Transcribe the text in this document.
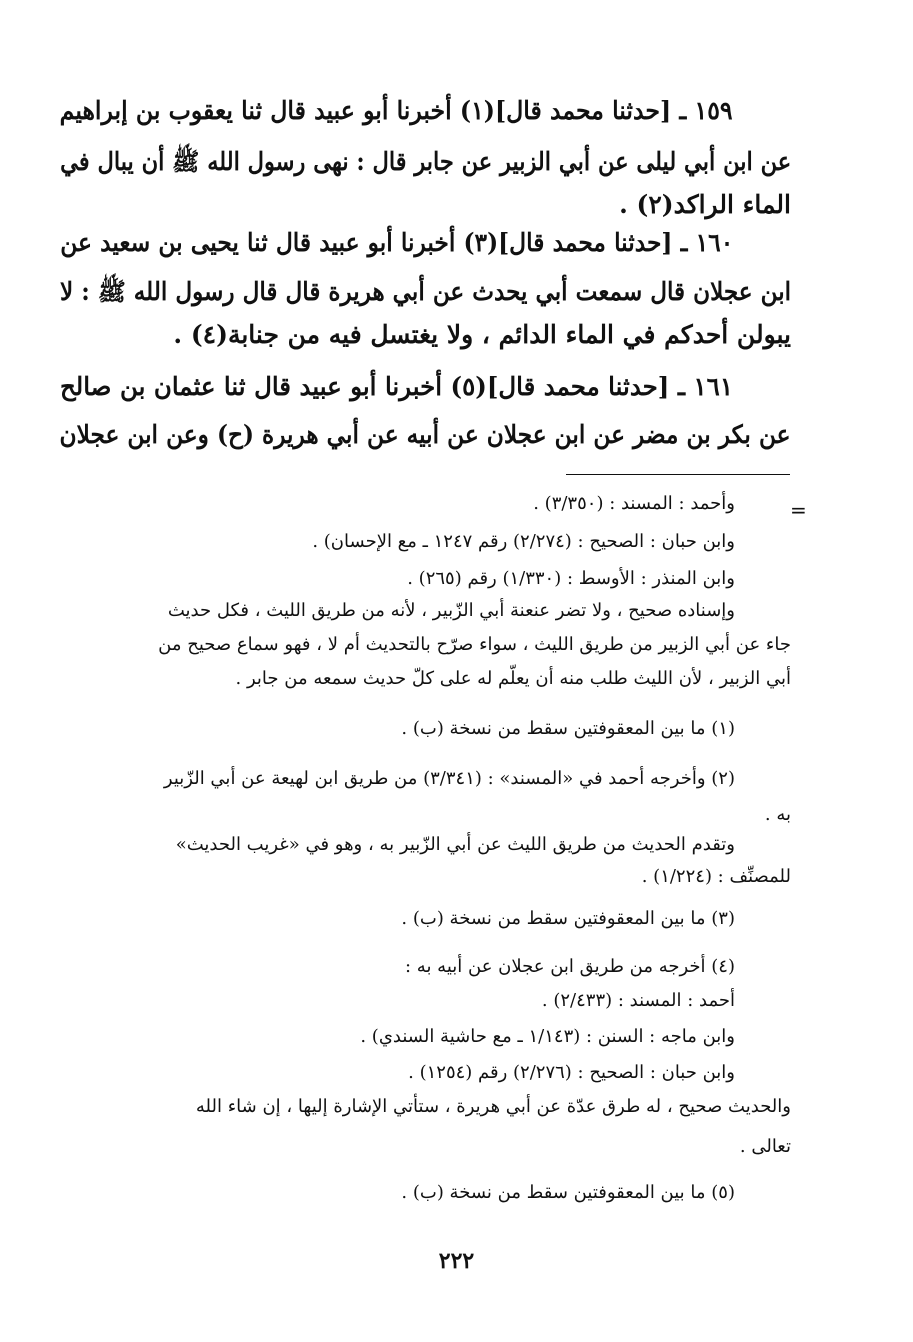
١٥٩ ـ [حدثنا محمد قال](١) أخبرنا أبو عبيد قال ثنا يعقوب بن إبراهيم
عن ابن أبي ليلى عن أبي الزبير عن جابر قال : نهى رسول الله ﷺ أن يبال في
الماء الراكد(٢) .
١٦٠ ـ [حدثنا محمد قال](٣) أخبرنا أبو عبيد قال ثنا يحيى بن سعيد عن
ابن عجلان قال سمعت أبي يحدث عن أبي هريرة قال قال رسول الله ﷺ : لا
يبولن أحدكم في الماء الدائم ، ولا يغتسل فيه من جنابة(٤) .
١٦١ ـ [حدثنا محمد قال](٥) أخبرنا أبو عبيد قال ثنا عثمان بن صالح
عن بكر بن مضر عن ابن عجلان عن أبيه عن أبي هريرة (ح) وعن ابن عجلان
=
وأحمد : المسند : (٣/٣٥٠) .
وابن حبان : الصحيح : (٢/٢٧٤) رقم ١٢٤٧ ـ مع الإحسان) .
وابن المنذر : الأوسط : (١/٣٣٠) رقم (٢٦٥) .
وإسناده صحيح ، ولا تضر عنعنة أبي الزّبير ، لأنه من طريق الليث ، فكل حديث
جاء عن أبي الزبير من طريق الليث ، سواء صرّح بالتحديث أم لا ، فهو سماع صحيح من
أبي الزبير ، لأن الليث طلب منه أن يعلّم له على كلّ حديث سمعه من جابر .
(١) ما بين المعقوفتين سقط من نسخة (ب) .
(٢) وأخرجه أحمد في «المسند» : (٣/٣٤١) من طريق ابن لهيعة عن أبي الزّبير
به .
وتقدم الحديث من طريق الليث عن أبي الزّبير به ، وهو في «غريب الحديث»
للمصنِّف : (١/٢٢٤) .
(٣) ما بين المعقوفتين سقط من نسخة (ب) .
(٤) أخرجه من طريق ابن عجلان عن أبيه به :
أحمد : المسند : (٢/٤٣٣) .
وابن ماجه : السنن : (١/١٤٣ ـ مع حاشية السندي) .
وابن حبان : الصحيح : (٢/٢٧٦) رقم (١٢٥٤) .
والحديث صحيح ، له طرق عدّة عن أبي هريرة ، ستأتي الإشارة إليها ، إن شاء الله
تعالى .
(٥) ما بين المعقوفتين سقط من نسخة (ب) .
٢٢٢
